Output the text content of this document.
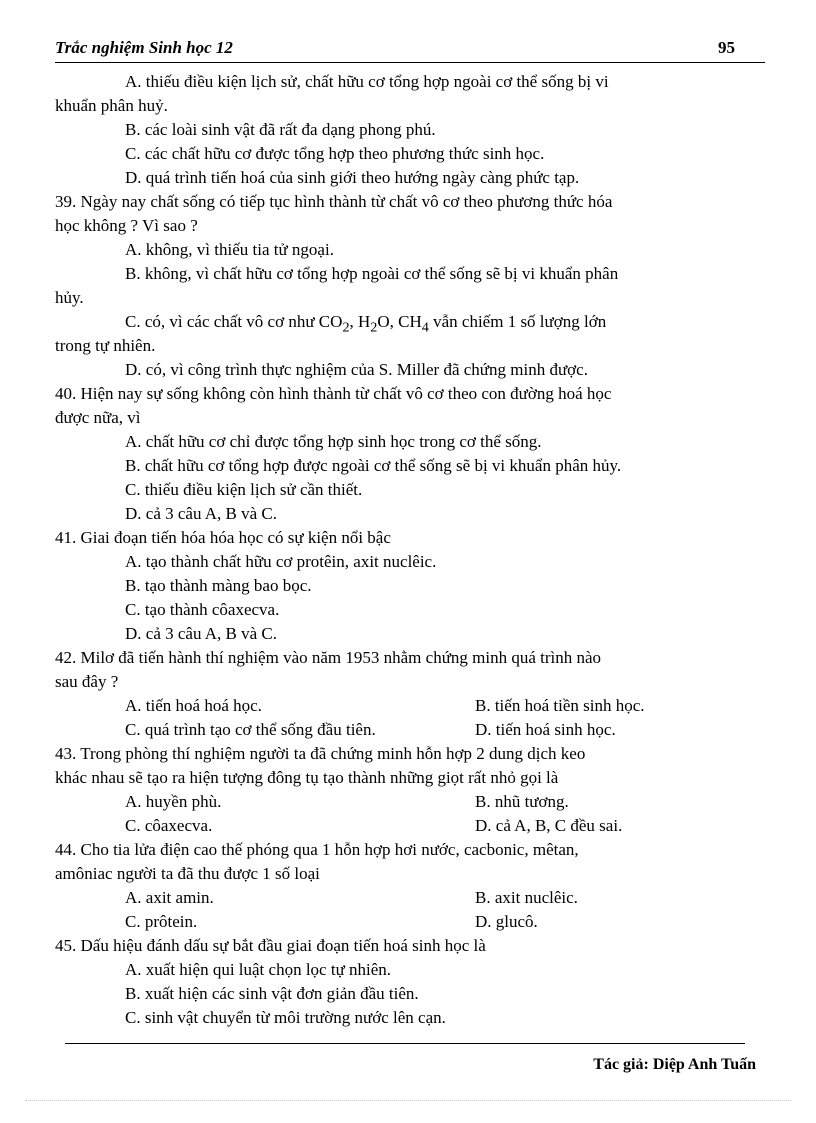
Trắc nghiệm Sinh học 12	95
A. thiếu điều kiện lịch sử, chất hữu cơ tổng hợp ngoài cơ thể sống bị vi
khuẩn phân huỷ.
B. các loài sinh vật đã rất đa dạng phong phú.
C. các chất hữu cơ được tổng hợp theo phương thức sinh học.
D. quá trình tiến hoá của sinh giới theo hướng ngày càng phức tạp.
39. Ngày nay chất sống có tiếp tục hình thành từ chất vô cơ theo phương thức hóa
học không ? Vì sao ?
A. không, vì thiếu tia tử ngoại.
B. không, vì chất hữu cơ tổng hợp ngoài cơ thể sống sẽ bị vi khuẩn phân
hủy.
C. có, vì các chất vô cơ như $CO_2$, $H_2O$, $CH_4$ vẫn chiếm 1 số lượng lớn
trong tự nhiên.
D. có, vì công trình thực nghiệm của S. Miller đã chứng minh được.
40. Hiện nay sự sống không còn hình thành từ chất vô cơ theo con đường hoá học
được nữa, vì
A. chất hữu cơ chỉ được tổng hợp sinh học trong cơ thể sống.
B. chất hữu cơ tổng hợp được ngoài cơ thể sống sẽ bị vi khuẩn phân hủy.
C. thiếu điều kiện lịch sử cần thiết.
D. cả 3 câu A, B và C.
41. Giai đoạn tiến hóa hóa học có sự kiện nổi bậc
A. tạo thành chất hữu cơ protêin, axit nuclêic.
B. tạo thành màng bao bọc.
C. tạo thành côaxecva.
D. cả 3 câu A, B và C.
42. Milơ đã tiến hành thí nghiệm vào năm 1953 nhằm chứng minh quá trình nào
sau đây ?
A. tiến hoá hoá học.	B. tiến hoá tiền sinh học.
C. quá trình tạo cơ thể sống đầu tiên.	D. tiến hoá sinh học.
43. Trong phòng thí nghiệm người ta đã chứng minh hỗn hợp 2 dung dịch keo
khác nhau sẽ tạo ra hiện tượng đông tụ tạo thành những giọt rất nhỏ gọi là
A. huyền phù.	B. nhũ tương.
C. côaxecva.	D. cả A, B, C đều sai.
44. Cho tia lửa điện cao thế phóng qua 1 hỗn hợp hơi nước, cacbonic, mêtan,
amôniac người ta đã thu được 1 số loại
A. axit amin.	B. axit nuclêic.
C. prôtein.	D. glucô.
45. Dấu hiệu đánh dấu sự bắt đầu giai đoạn tiến hoá sinh học là
A. xuất hiện qui luật chọn lọc tự nhiên.
B. xuất hiện các sinh vật đơn giản đầu tiên.
C. sinh vật chuyển từ môi trường nước lên cạn.
Tác giả: Diệp Anh Tuấn
